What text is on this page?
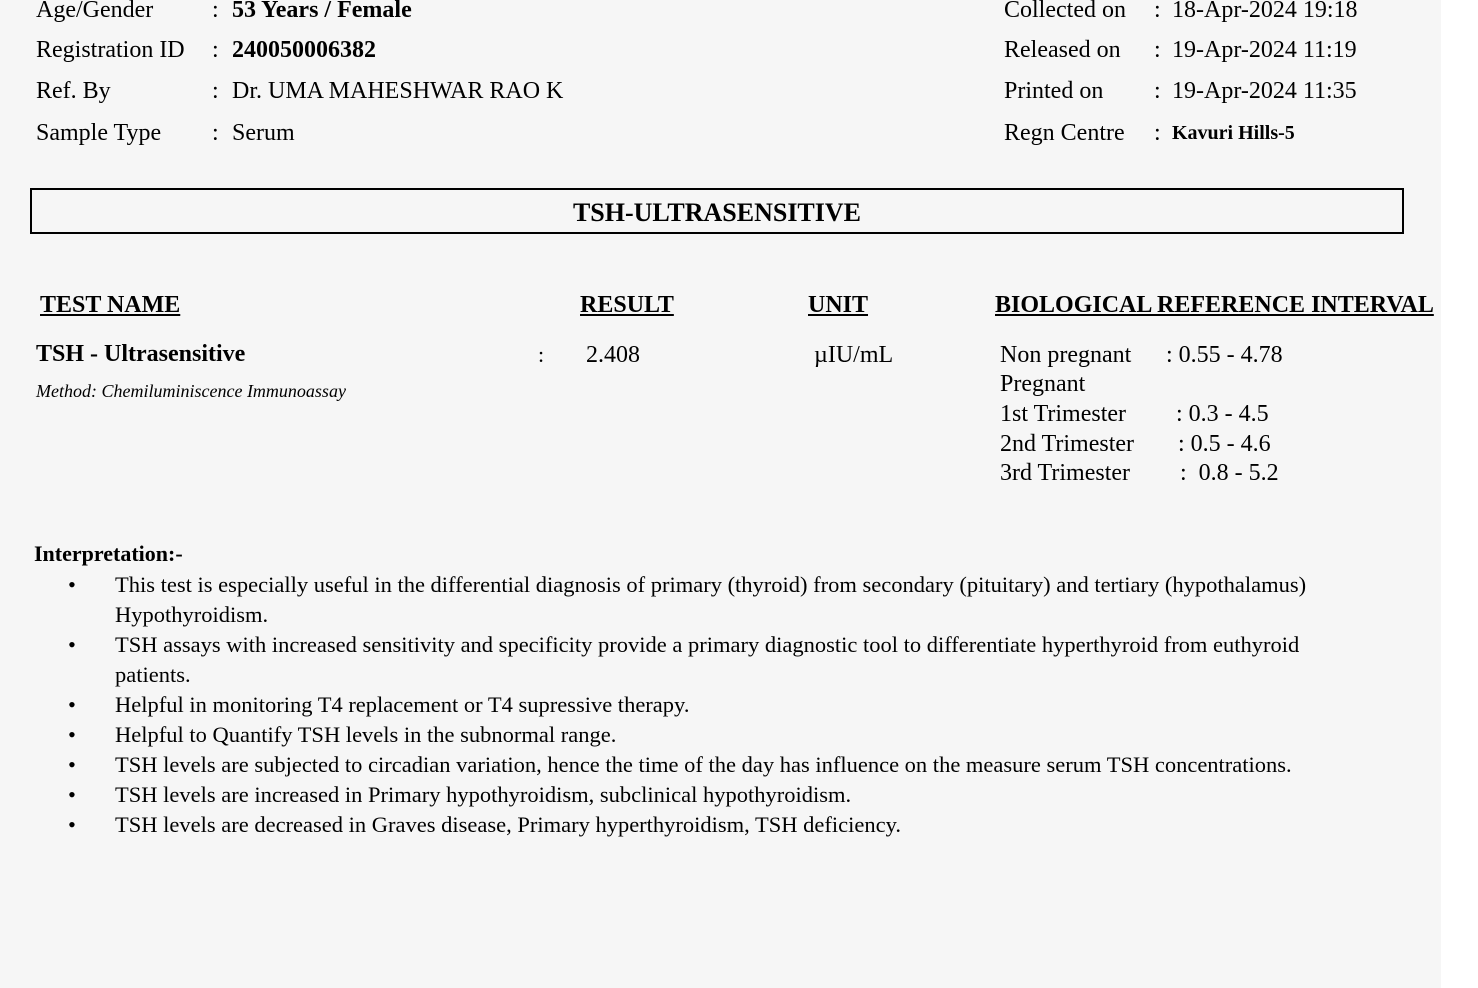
Age/Gender : 53 Years / Female
Registration ID : 240050006382
Ref. By	: Dr. UMA MAHESHWAR RAO K
Sample Type : Serum
Collected on : 18-Apr-2024 19:18
Released on : 19-Apr-2024 11:19
Printed on : 19-Apr-2024 11:35
Regn Centre : Kavuri Hills-5
TSH-ULTRASENSITIVE
TEST NAME	RESULT	UNIT	BIOLOGICAL REFERENCE INTERVAL
TSH - Ultrasensitive
Method: Chemiluminiscence Immunoassay
: 2.408	µIU/mL	Non pregnant : 0.55 - 4.78
Pregnant
1st Trimester : 0.3 - 4.5
2nd Trimester : 0.5 - 4.6
3rd Trimester :  0.8 - 5.2
Interpretation:-
• This test is especially useful in the differential diagnosis of primary (thyroid) from secondary (pituitary) and tertiary (hypothalamus) Hypothyroidism.
• TSH assays with increased sensitivity and specificity provide a primary diagnostic tool to differentiate hyperthyroid from euthyroid patients.
• Helpful in monitoring T4 replacement or T4 supressive therapy.
• Helpful to Quantify TSH levels in the subnormal range.
• TSH levels are subjected to circadian variation, hence the time of the day has influence on the measure serum TSH concentrations.
• TSH levels are increased in Primary hypothyroidism, subclinical hypothyroidism.
• TSH levels are decreased in Graves disease, Primary hyperthyroidism, TSH deficiency.
